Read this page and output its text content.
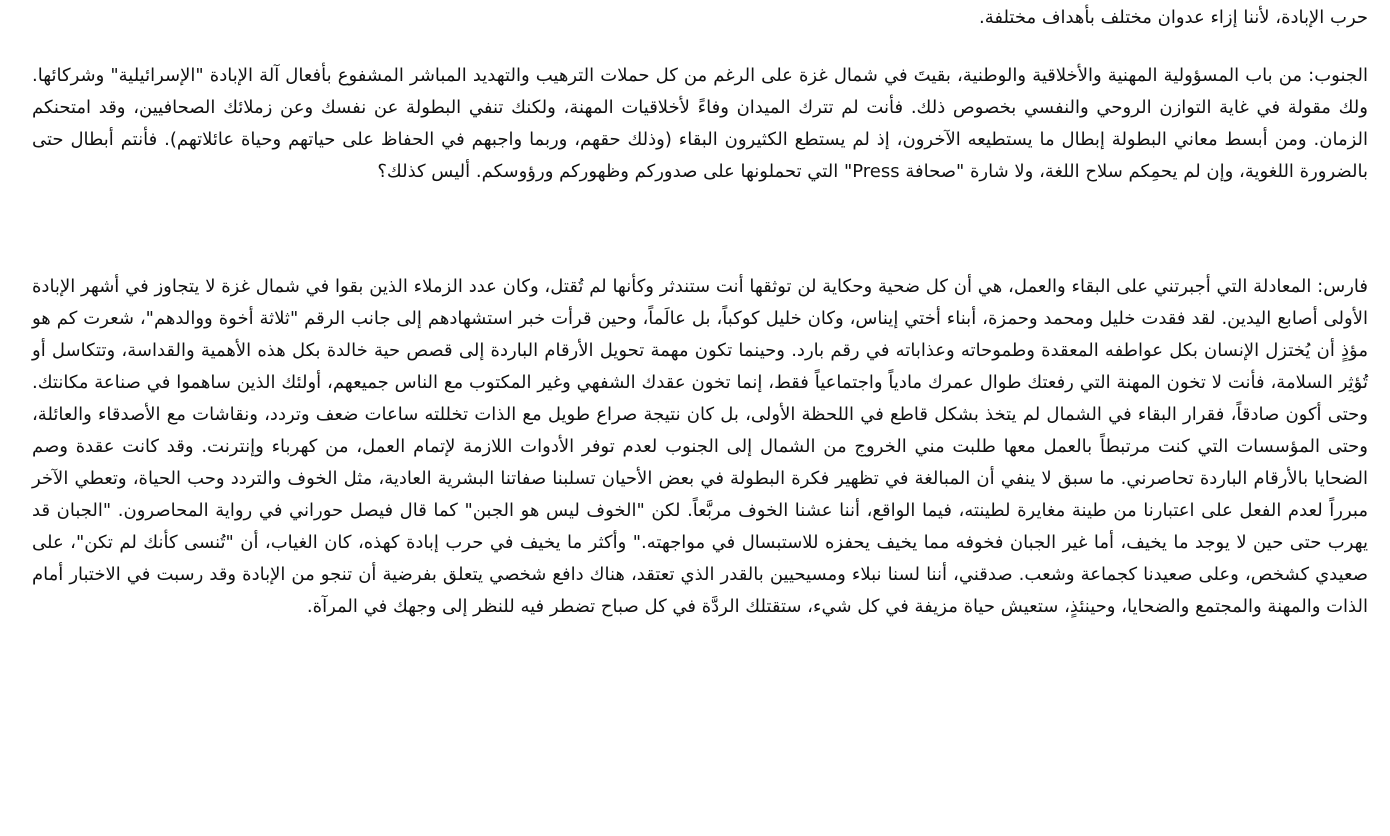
حرب الإبادة، لأننا إزاء عدوان مختلف بأهداف مختلفة.

الجنوب: من باب المسؤولية المهنية والأخلاقية والوطنية، بقيتَ في شمال غزة على الرغم من كل حملات الترهيب والتهديد المباشر المشفوع بأفعال آلة الإبادة "الإسرائيلية" وشركائها. ولك مقولة في غاية التوازن الروحي والنفسي بخصوص ذلك. فأنت لم تترك الميدان وفاءً لأخلاقيات المهنة، ولكنك تنفي البطولة عن نفسك وعن زملائك الصحافيين، وقد امتحنكم الزمان. ومن أبسط معاني البطولة إبطال ما يستطيعه الآخرون، إذ لم يستطع الكثيرون البقاء (وذلك حقهم، وربما واجبهم في الحفاظ على حياتهم وحياة عائلاتهم). فأنتم أبطال حتى بالضرورة اللغوية، وإن لم يحمِكم سلاح اللغة، ولا شارة "صحافة Press" التي تحملونها على صدوركم وظهوركم ورؤوسكم. أليس كذلك؟

فارس: المعادلة التي أجبرتني على البقاء والعمل، هي أن كل ضحية وحكاية لن توثقها أنت ستندثر وكأنها لم تُقتل، وكان عدد الزملاء الذين بقوا في شمال غزة لا يتجاوز في أشهر الإبادة الأولى أصابع اليدين. لقد فقدت خليل ومحمد وحمزة، أبناء أختي إيناس، وكان خليل كوكباً، بل عالَماً، وحين قرأت خبر استشهادهم إلى جانب الرقم "ثلاثة أخوة ووالدهم"، شعرت كم هو مؤذٍ أن يُختزل الإنسان بكل عواطفه المعقدة وطموحاته وعذاباته في رقم بارد. وحينما تكون مهمة تحويل الأرقام الباردة إلى قصص حية خالدة بكل هذه الأهمية والقداسة، وتتكاسل أو تُؤثِر السلامة، فأنت لا تخون المهنة التي رفعتك طوال عمرك مادياً واجتماعياً فقط، إنما تخون عقدك الشفهي وغير المكتوب مع الناس جميعهم، أولئك الذين ساهموا في صناعة مكانتك. وحتى أكون صادقاً، فقرار البقاء في الشمال لم يتخذ بشكل قاطع في اللحظة الأولى، بل كان نتيجة صراع طويل مع الذات تخللته ساعات ضعف وتردد، ونقاشات مع الأصدقاء والعائلة، وحتى المؤسسات التي كنت مرتبطاً بالعمل معها طلبت مني الخروج من الشمال إلى الجنوب لعدم توفر الأدوات اللازمة لإتمام العمل، من كهرباء وإنترنت. وقد كانت عقدة وصم الضحايا بالأرقام الباردة تحاصرني. ما سبق لا ينفي أن المبالغة في تظهير فكرة البطولة في بعض الأحيان تسلبنا صفاتنا البشرية العادية، مثل الخوف والتردد وحب الحياة، وتعطي الآخر مبرراً لعدم الفعل على اعتبارنا من طينة مغايرة لطينته، فيما الواقع، أننا عشنا الخوف مربَّعاً. لكن "الخوف ليس هو الجبن" كما قال فيصل حوراني في رواية المحاصرون. "الجبان قد يهرب حتى حين لا يوجد ما يخيف، أما غير الجبان فخوفه مما يخيف يحفزه للاستبسال في مواجهته." وأكثر ما يخيف في حرب إبادة كهذه، كان الغياب، أن "تُنسى كأنك لم تكن"، على صعيدي كشخص، وعلى صعيدنا كجماعة وشعب. صدقني، أننا لسنا نبلاء ومسيحيين بالقدر الذي تعتقد، هناك دافع شخصي يتعلق بفرضية أن تنجو من الإبادة وقد رسبت في الاختبار أمام الذات والمهنة والمجتمع والضحايا، وحينئذٍ، ستعيش حياة مزيفة في كل شيء، ستقتلك الردَّة في كل صباح تضطر فيه للنظر إلى وجهك في المرآة.
